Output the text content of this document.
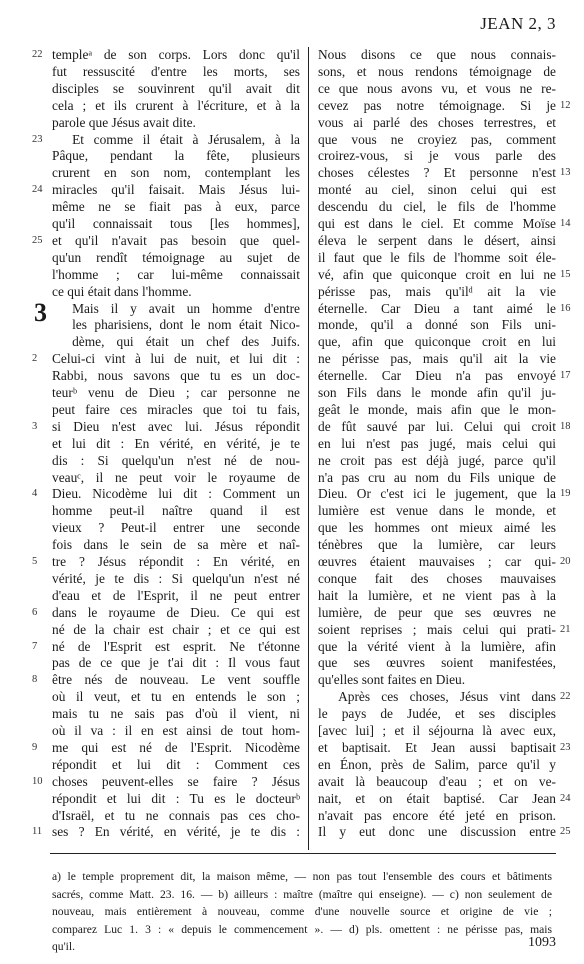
JEAN 2, 3
templeᵃ de son corps. Lors donc qu'il
fut ressuscité d'entre les morts, ses
disciples se souvinrent qu'il avait dit
cela ; et ils crurent à l'écriture, et à la
parole que Jésus avait dite.
  Et comme il était à Jérusalem, à la
Pâque, pendant la fête, plusieurs
crurent en son nom, contemplant les
miracles qu'il faisait. Mais Jésus lui-
même ne se fiait pas à eux, parce
qu'il connaissait tous [les hommes],
et qu'il n'avait pas besoin que quel-
qu'un rendît témoignage au sujet de
l'homme ; car lui-même connaissait
ce qui était dans l'homme.
  Mais il y avait un homme d'entre
  les pharisiens, dont le nom était Nico-
  dème, qui était un chef des Juifs.
Celui-ci vint à lui de nuit, et lui dit :
Rabbi, nous savons que tu es un doc-
teurᵇ venu de Dieu ; car personne ne
peut faire ces miracles que toi tu fais,
si Dieu n'est avec lui. Jésus répondit
et lui dit : En vérité, en vérité, je te
dis : Si quelqu'un n'est né de nou-
veauᶜ, il ne peut voir le royaume de
Dieu. Nicodème lui dit : Comment un
homme peut-il naître quand il est
vieux ? Peut-il entrer une seconde
fois dans le sein de sa mère et naî-
tre ? Jésus répondit : En vérité, en
vérité, je te dis : Si quelqu'un n'est né
d'eau et de l'Esprit, il ne peut entrer
dans le royaume de Dieu. Ce qui est
né de la chair est chair ; et ce qui est
né de l'Esprit est esprit. Ne t'étonne
pas de ce que je t'ai dit : Il vous faut
être nés de nouveau. Le vent souffle
où il veut, et tu en entends le son ;
mais tu ne sais pas d'où il vient, ni
où il va : il en est ainsi de tout hom-
me qui est né de l'Esprit. Nicodème
répondit et lui dit : Comment ces
choses peuvent-elles se faire ? Jésus
répondit et lui dit : Tu es le docteurᵇ
d'Israël, et tu ne connais pas ces cho-
ses ? En vérité, en vérité, je te dis :
Nous disons ce que nous connais-
sons, et nous rendons témoignage de
ce que nous avons vu, et vous ne re-
cevez pas notre témoignage. Si je
vous ai parlé des choses terrestres, et
que vous ne croyiez pas, comment
croirez-vous, si je vous parle des
choses célestes ? Et personne n'est
monté au ciel, sinon celui qui est
descendu du ciel, le fils de l'homme
qui est dans le ciel. Et comme Moïse
éleva le serpent dans le désert, ainsi
il faut que le fils de l'homme soit éle-
vé, afin que quiconque croit en lui ne
périsse pas, mais qu'ilᵈ ait la vie
éternelle. Car Dieu a tant aimé le
monde, qu'il a donné son Fils uni-
que, afin que quiconque croit en lui
ne périsse pas, mais qu'il ait la vie
éternelle. Car Dieu n'a pas envoyé
son Fils dans le monde afin qu'il ju-
geât le monde, mais afin que le mon-
de fût sauvé par lui. Celui qui croit
en lui n'est pas jugé, mais celui qui
ne croit pas est déjà jugé, parce qu'il
n'a pas cru au nom du Fils unique de
Dieu. Or c'est ici le jugement, que la
lumière est venue dans le monde, et
que les hommes ont mieux aimé les
ténèbres que la lumière, car leurs
œuvres étaient mauvaises ; car qui-
conque fait des choses mauvaises
hait la lumière, et ne vient pas à la
lumière, de peur que ses œuvres ne
soient reprises ; mais celui qui prati-
que la vérité vient à la lumière, afin
que ses œuvres soient manifestées,
qu'elles sont faites en Dieu.
  Après ces choses, Jésus vint dans
le pays de Judée, et ses disciples
[avec lui] ; et il séjourna là avec eux,
et baptisait. Et Jean aussi baptisait
en Énon, près de Salim, parce qu'il y
avait là beaucoup d'eau ; et on ve-
nait, et on était baptisé. Car Jean
n'avait pas encore été jeté en prison.
Il y eut donc une discussion entre
22
23
24
25
3
2
3
4
5
6
7
8
9
10
11
12
13
14
15
16
17
18
19
20
21
22
23
24
25
a) le temple proprement dit, la maison même, — non pas tout l'ensemble des cours et bâtiments
sacrés, comme Matt. 23. 16. — b) ailleurs : maître (maître qui enseigne). — c) non seulement de
nouveau, mais entièrement à nouveau, comme d'une nouvelle source et origine de vie ;
comparez Luc 1. 3 : « depuis le commencement ». — d) pls. omettent : ne périsse pas, mais
qu'il.	1093
